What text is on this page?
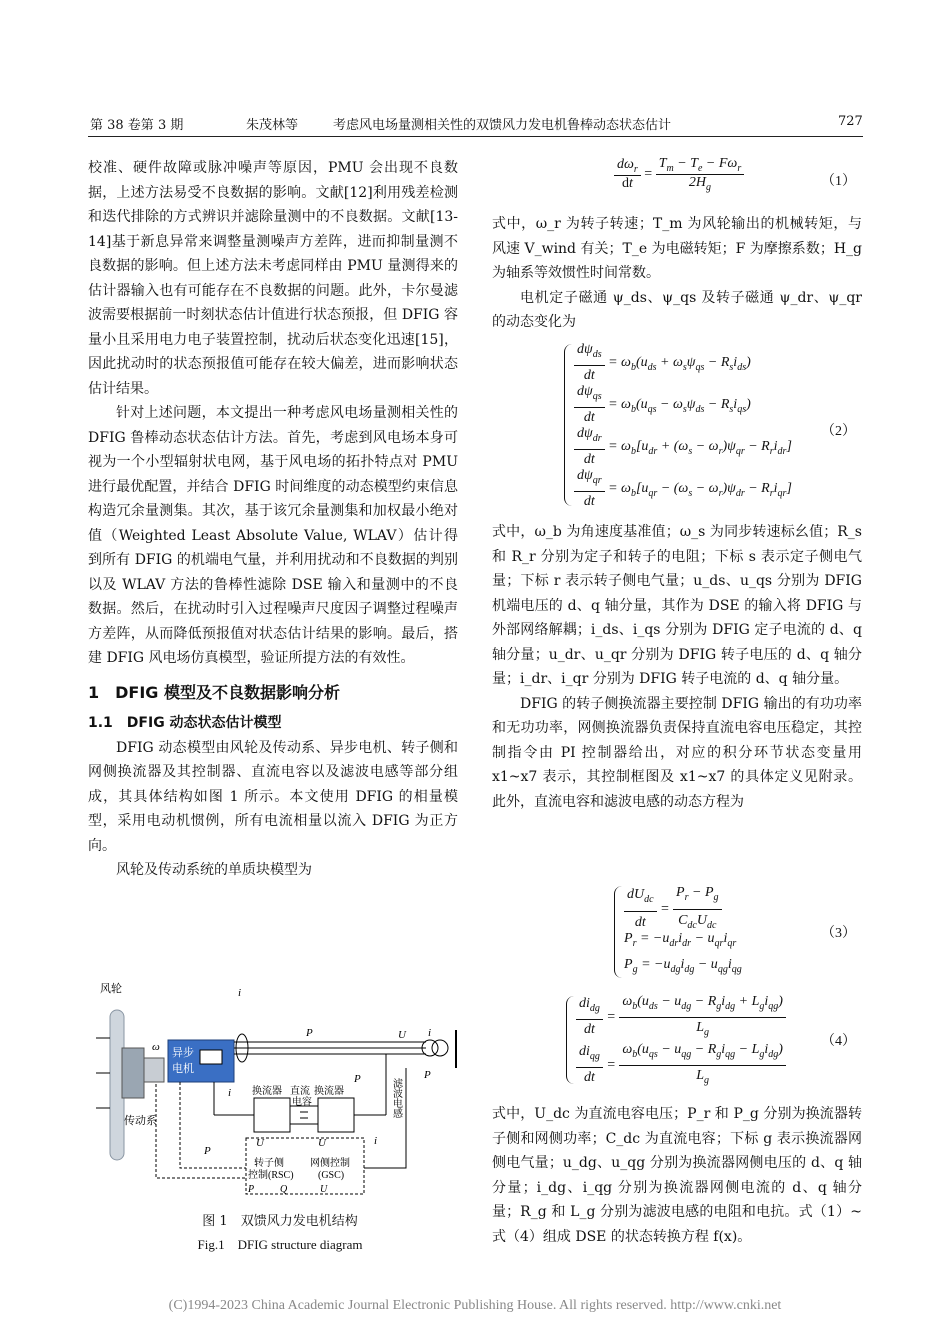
第 38 卷第 3 期	朱茂林等	考虑风电场量测相关性的双馈风力发电机鲁棒动态状态估计	727

校准、硬件故障或脉冲噪声等原因，PMU 会出现不良数据，上述方法易受不良数据的影响。文献[12]利用残差检测和迭代排除的方式辨识并滤除量测中的不良数据。文献[13-14]基于新息异常来调整量测噪声方差阵，进而抑制量测不良数据的影响。但上述方法未考虑同样由 PMU 量测得来的估计器输入也有可能存在不良数据的问题。此外，卡尔曼滤波需要根据前一时刻状态估计值进行状态预报，但 DFIG 容量小且采用电力电子装置控制，扰动后状态变化迅速[15]，因此扰动时的状态预报值可能存在较大偏差，进而影响状态估计结果。

针对上述问题，本文提出一种考虑风电场量测相关性的 DFIG 鲁棒动态状态估计方法。首先，考虑到风电场本身可视为一个小型辐射状电网，基于风电场的拓扑特点对 PMU 进行最优配置，并结合 DFIG 时间维度的动态模型约束信息构造冗余量测集。其次，基于该冗余量测集和加权最小绝对值（Weighted Least Absolute Value, WLAV）估计得到所有 DFIG 的机端电气量，并利用扰动和不良数据的判别以及 WLAV 方法的鲁棒性滤除 DSE 输入和量测中的不良数据。然后，在扰动时引入过程噪声尺度因子调整过程噪声方差阵，从而降低预报值对状态估计结果的影响。最后，搭建 DFIG 风电场仿真模型，验证所提方法的有效性。

1　DFIG 模型及不良数据影响分析

1.1　DFIG 动态状态估计模型

DFIG 动态模型由风轮及传动系、异步电机、转子侧和网侧换流器及其控制器、直流电容以及滤波电感等部分组成，其具体结构如图 1 所示。本文使用 DFIG 的相量模型，采用电动机惯例，所有电流相量以流入 DFIG 为正方向。

风轮及传动系统的单质块模型为

风轮
传动系
ω 异步
电机
i
P	U i
P
换流器 直流
电容
换流器	滤波电感
P
i
P
i
U	U
转子侧
控制(RSC)
网侧控制
(GSC)
P	Q	U
图 1　双馈风力发电机结构
Fig.1　DFIG structure diagram
$\frac{d\omega_r}{dt} = \frac{T_m - T_e - F\omega_r}{2H_g}$	（1）

式中，ω_r 为转子转速；T_m 为风轮输出的机械转矩，与风速 V_wind 有关；T_e 为电磁转矩；F 为摩擦系数；H_g 为轴系等效惯性时间常数。

电机定子磁通 ψ_ds、ψ_qs 及转子磁通 ψ_dr、ψ_qr 的动态变化为

$\frac{d\psi_{ds}}{dt} = \omega_b(u_{ds} + \omega_s\psi_{qs} - R_si_{ds})$
$\frac{d\psi_{qs}}{dt} = \omega_b(u_{qs} - \omega_s\psi_{ds} - R_si_{qs})$
$\frac{d\psi_{dr}}{dt} = \omega_b[u_{dr} + (\omega_s - \omega_r)\psi_{qr} - R_ri_{dr}]$
$\frac{d\psi_{qr}}{dt} = \omega_b[u_{qr} - (\omega_s - \omega_r)\psi_{dr} - R_ri_{qr}]$
（2）

式中，ω_b 为角速度基准值；ω_s 为同步转速标幺值；R_s 和 R_r 分别为定子和转子的电阻；下标 s 表示定子侧电气量；下标 r 表示转子侧电气量；u_ds、u_qs 分别为 DFIG 机端电压的 d、q 轴分量，其作为 DSE 的输入将 DFIG 与外部网络解耦；i_ds、i_qs 分别为 DFIG 定子电流的 d、q 轴分量；u_dr、u_qr 分别为 DFIG 转子电压的 d、q 轴分量；i_dr、i_qr 分别为 DFIG 转子电流的 d、q 轴分量。

DFIG 的转子侧换流器主要控制 DFIG 输出的有功功率和无功功率，网侧换流器负责保持直流电容电压稳定，其控制指令由 PI 控制器给出，对应的积分环节状态变量用 x1~x7 表示，其控制框图及 x1~x7 的具体定义见附录。此外，直流电容和滤波电感的动态方程为

$\frac{dU_{dc}}{dt} = \frac{P_r - P_g}{C_{dc}U_{dc}}$
$P_r = -u_{dr}i_{dr} - u_{qr}i_{qr}$
$P_g = -u_{dg}i_{dg} - u_{qg}i_{qg}$
（3）
$\frac{di_{dg}}{dt} = \frac{\omega_b(u_{ds} - u_{dg} - R_gi_{dg} + L_gi_{qg})}{L_g}$
$\frac{di_{qg}}{dt} = \frac{\omega_b(u_{qs} - u_{qg} - R_gi_{qg} - L_gi_{dg})}{L_g}$	（4）

式中，U_dc 为直流电容电压；P_r 和 P_g 分别为换流器转子侧和网侧功率；C_dc 为直流电容；下标 g 表示换流器网侧电气量；u_dg、u_qg 分别为换流器网侧电压的 d、q 轴分量；i_dg、i_qg 分别为换流器网侧电流的 d、q 轴分量；R_g 和 L_g 分别为滤波电感的电阻和电抗。式（1）~式（4）组成 DSE 的状态转换方程 f(x)。

(C)1994-2023 China Academic Journal Electronic Publishing House. All rights reserved. http://www.cnki.net
